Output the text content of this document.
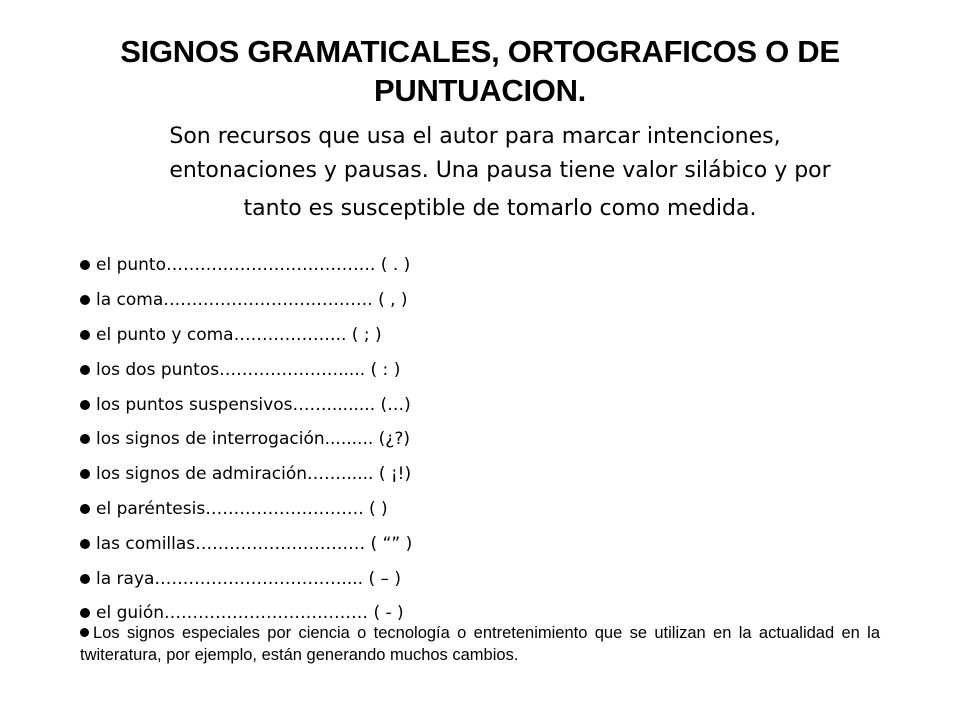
SIGNOS GRAMATICALES, ORTOGRAFICOS O DE PUNTUACION.
Son recursos que usa el autor para marcar intenciones,
entonaciones y pausas. Una pausa tiene valor silábico y por
tanto es susceptible de tomarlo como medida.
el punto………………………………. ( . )
la coma………………………………. ( , )
el punto y coma……………….. ( ; )
los dos puntos…………………..... ( : )
los puntos suspensivos……......... (…)
los signos de interrogación......... (¿?)
los signos de admiración……...... ( ¡!)
el paréntesis………………………. ( )
las comillas………………………… ( “” )
la raya…………………………….... ( – )
el guión……………………………… ( - )
Los signos especiales por ciencia o tecnología o entretenimiento que se utilizan en la actualidad en la twiteratura, por ejemplo, están generando muchos cambios.
